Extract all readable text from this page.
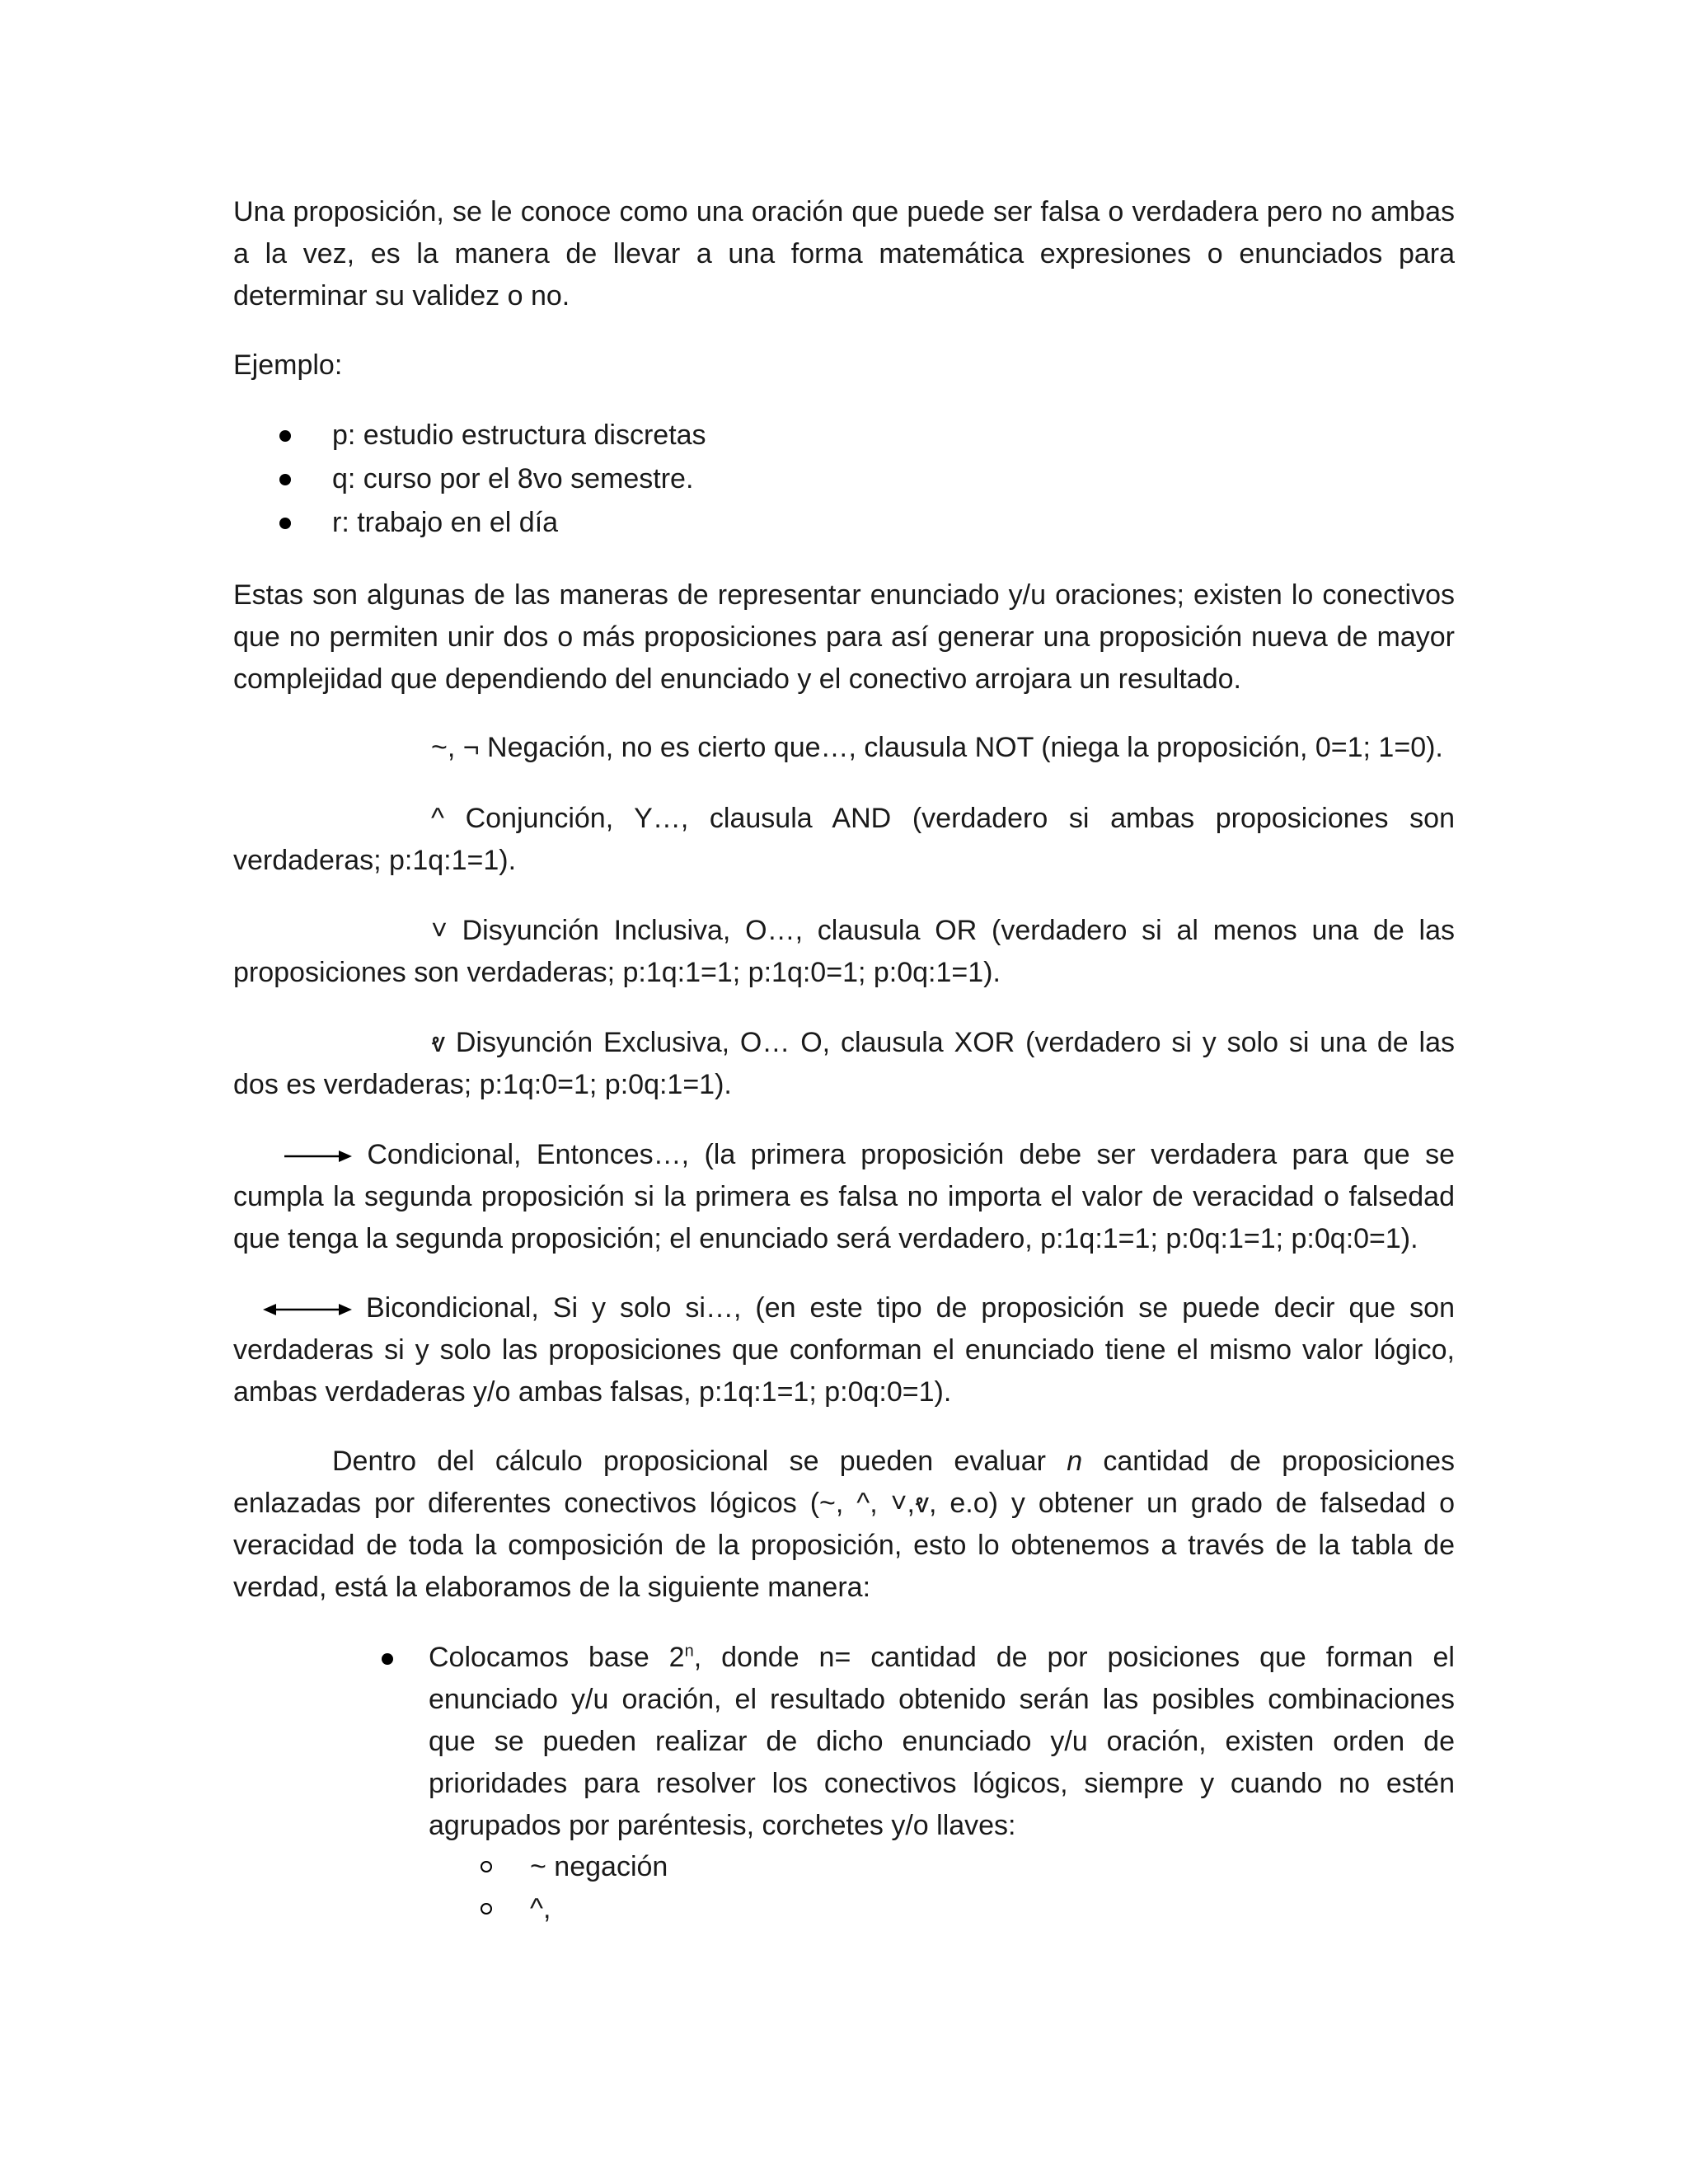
Una proposición, se le conoce como una oración que puede ser falsa o verdadera pero no ambas a la vez, es la manera de llevar a una forma matemática expresiones o enunciados para determinar su validez o no.

Ejemplo:

p: estudio estructura discretas
q: curso por el 8vo semestre.
r: trabajo en el día

Estas son algunas de las maneras de representar enunciado y/u oraciones; existen lo conectivos que no permiten unir dos o más proposiciones para así generar una proposición nueva de mayor complejidad que dependiendo del enunciado y el conectivo arrojara un resultado.

~, ¬ Negación, no es cierto que…, clausula NOT (niega la proposición, 0=1; 1=0).

^ Conjunción, Y…, clausula AND (verdadero si ambas proposiciones son verdaderas; p:1q:1=1).

˅ Disyunción Inclusiva, O…, clausula OR (verdadero si al menos una de las proposiciones son verdaderas; p:1q:1=1; p:1q:0=1; p:0q:1=1).

ⱴ Disyunción Exclusiva, O… O, clausula XOR (verdadero si y solo si una de las dos es verdaderas; p:1q:0=1; p:0q:1=1).

Condicional, Entonces…, (la primera proposición debe ser verdadera para que se cumpla la segunda proposición si la primera es falsa no importa el valor de veracidad o falsedad que tenga la segunda proposición; el enunciado será verdadero, p:1q:1=1; p:0q:1=1; p:0q:0=1).

Bicondicional, Si y solo si…, (en este tipo de proposición se puede decir que son verdaderas si y solo las proposiciones que conforman el enunciado tiene el mismo valor lógico, ambas verdaderas y/o ambas falsas, p:1q:1=1; p:0q:0=1).

Dentro del cálculo proposicional se pueden evaluar n cantidad de proposiciones enlazadas por diferentes conectivos lógicos (~, ^, ˅,ⱴ, e.o) y obtener un grado de falsedad o veracidad de toda la composición de la proposición, esto lo obtenemos a través de la tabla de verdad, está la elaboramos de la siguiente manera:

Colocamos base 2$^n$, donde n= cantidad de por posiciones que forman el enunciado y/u oración, el resultado obtenido serán las posibles combinaciones que se pueden realizar de dicho enunciado y/u oración, existen orden de prioridades para resolver los conectivos lógicos, siempre y cuando no estén agrupados por paréntesis, corchetes y/o llaves:
~ negación
^,
